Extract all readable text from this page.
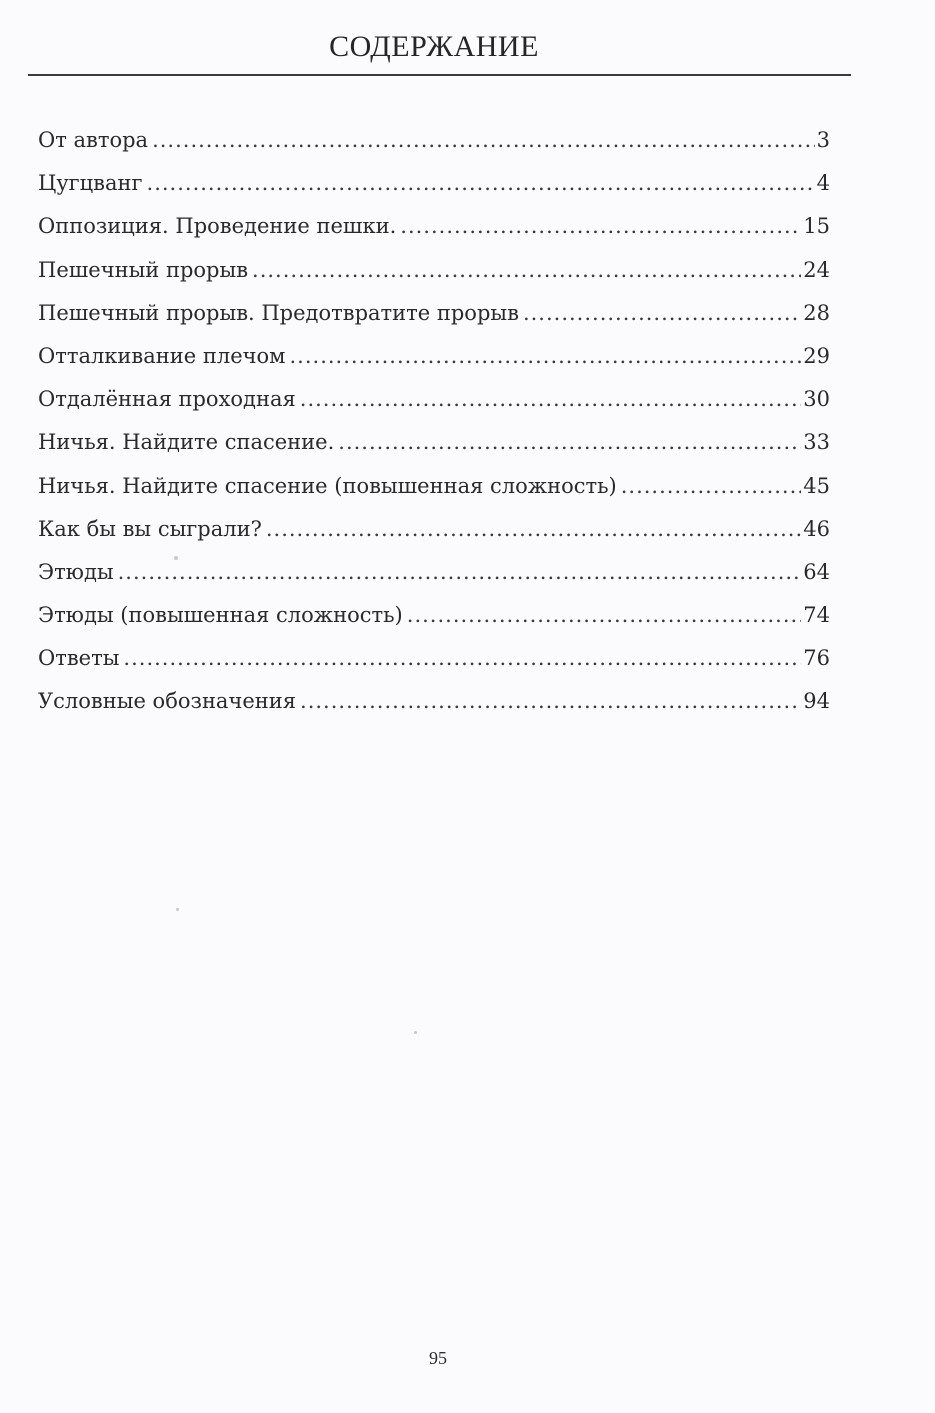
СОДЕРЖАНИЕ
От автора .....	3
Цугцванг .....	4
Оппозиция. Проведение пешки. .....	15
Пешечный прорыв .....	24
Пешечный прорыв. Предотвратите прорыв .....	28
Отталкивание плечом .....	29
Отдалённая проходная .....	30
Ничья. Найдите спасение. .....	33
Ничья. Найдите спасение (повышенная сложность) .....	45
Как бы вы сыграли? .....	46
Этюды .....	64
Этюды (повышенная сложность) .....	74
Ответы .....	76
Условные обозначения .....	94
95
